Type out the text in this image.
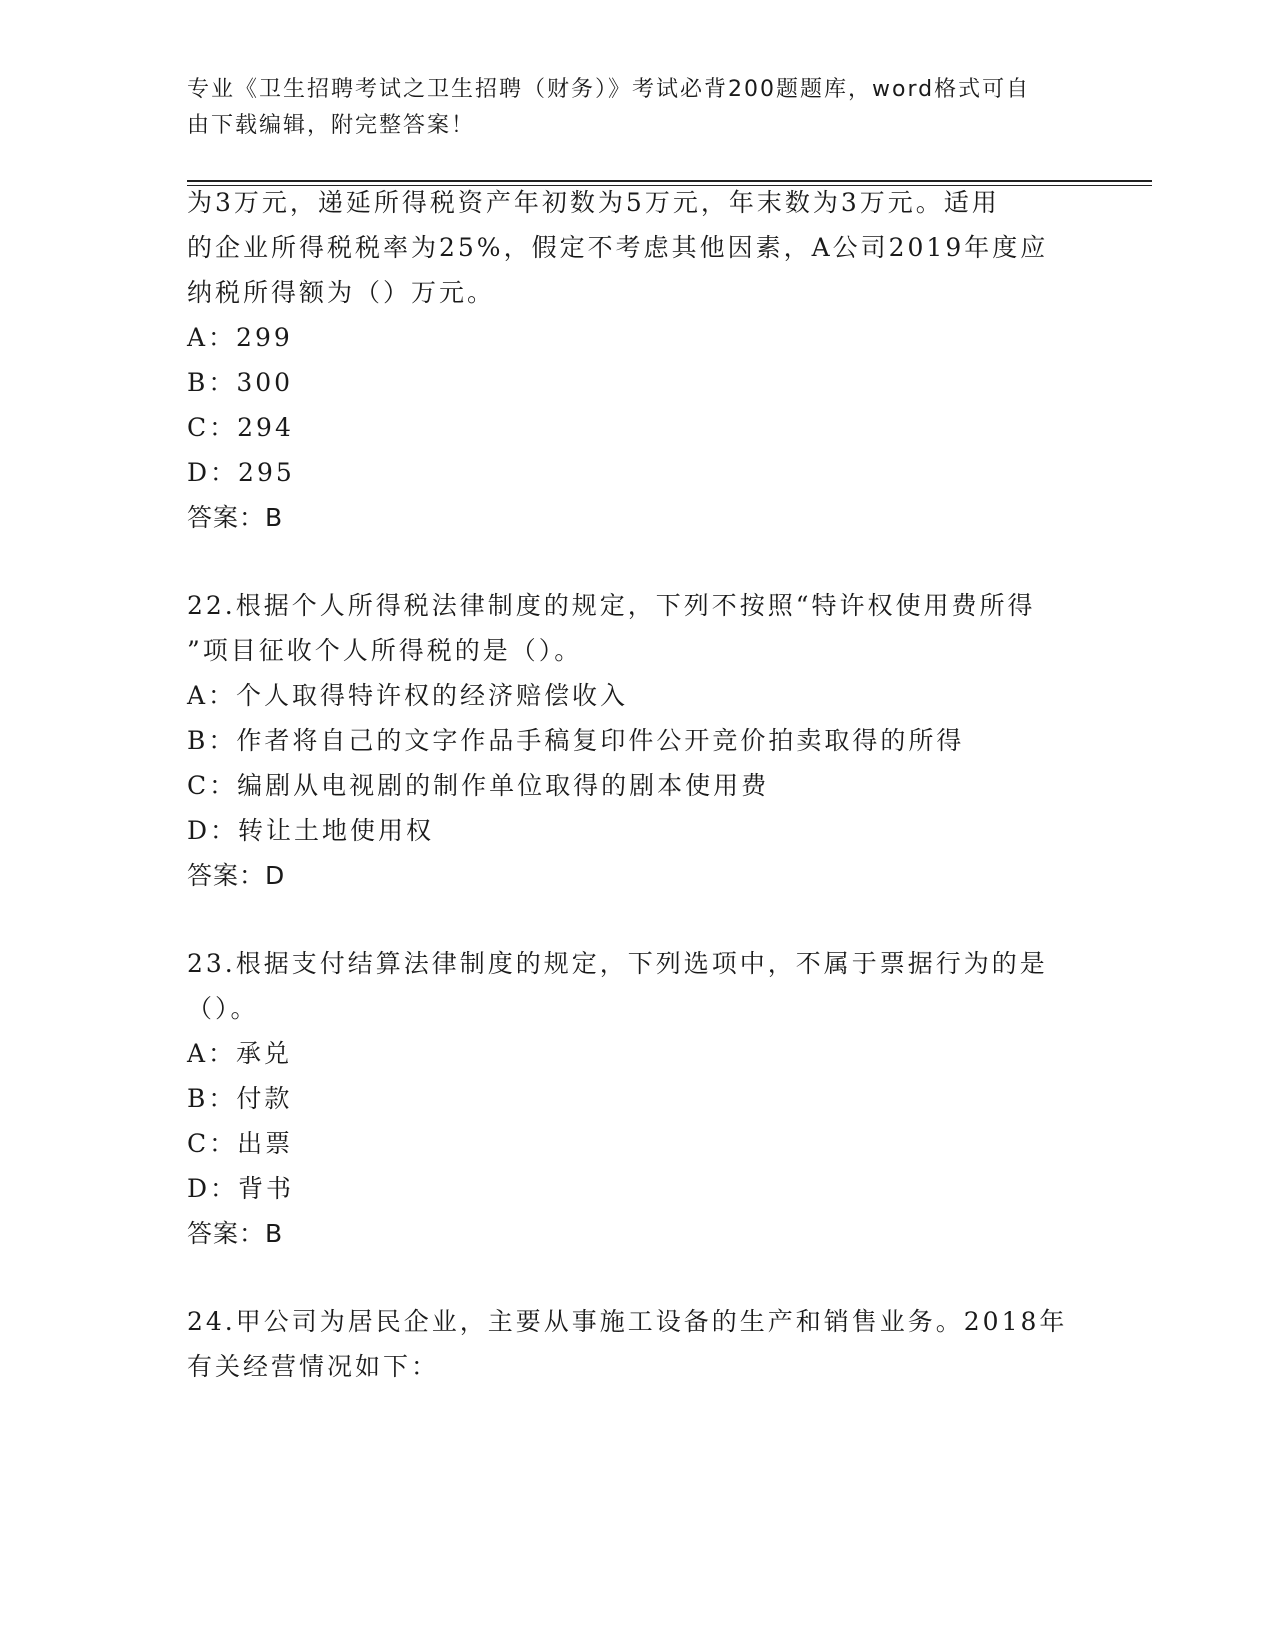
专业《卫生招聘考试之卫生招聘（财务）》考试必背200题题库，word格式可自
由下载编辑，附完整答案！
为3万元，递延所得税资产年初数为5万元，年末数为3万元。适用
的企业所得税税率为25%，假定不考虑其他因素，A公司2019年度应
纳税所得额为（）万元。
A：299
B：300
C：294
D：295
答案：B
22.根据个人所得税法律制度的规定，下列不按照“特许权使用费所得
”项目征收个人所得税的是（）。
A：个人取得特许权的经济赔偿收入
B：作者将自己的文字作品手稿复印件公开竞价拍卖取得的所得
C：编剧从电视剧的制作单位取得的剧本使用费
D：转让土地使用权
答案：D
23.根据支付结算法律制度的规定，下列选项中，不属于票据行为的是
（）。
A：承兑
B：付款
C：出票
D：背书
答案：B
24.甲公司为居民企业，主要从事施工设备的生产和销售业务。2018年
有关经营情况如下：
